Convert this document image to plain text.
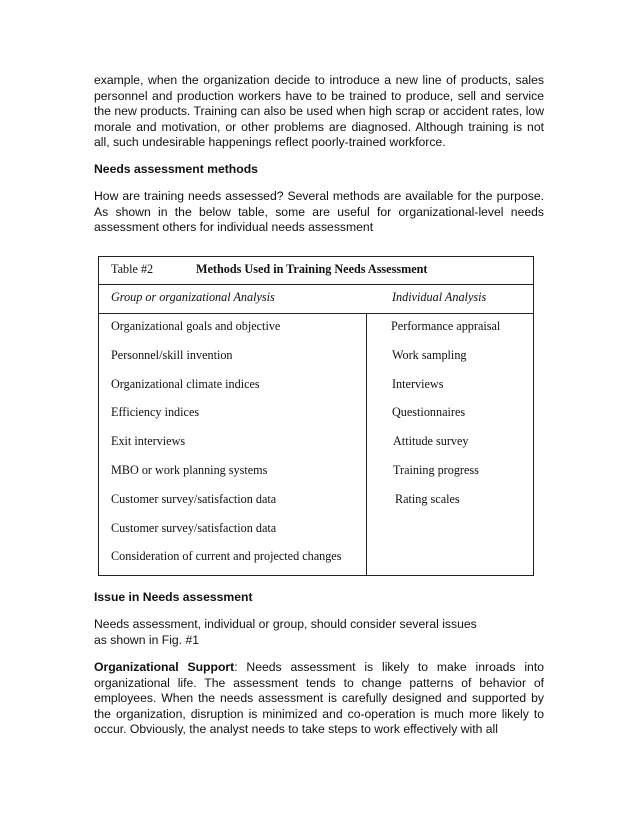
example, when the organization decide to introduce a new line of products, sales personnel and production workers have to be trained to produce, sell and service the new products. Training can also be used when high scrap or accident rates, low morale and motivation, or other problems are diagnosed. Although training is not all, such undesirable happenings reflect poorly-trained workforce.

Needs assessment methods

How are training needs assessed? Several methods are available for the purpose. As shown in the below table, some are useful for organizational-level needs assessment others for individual needs assessment

Table #2	Methods Used in Training Needs Assessment
Group or organizational Analysis	Individual Analysis
Organizational goals and objective
Personnel/skill invention
Organizational climate indices
Efficiency indices
Exit interviews
MBO or work planning systems
Customer survey/satisfaction data
Customer survey/satisfaction data
Consideration of current and projected changes
Performance appraisal
Work sampling
Interviews
Questionnaires
Attitude survey
Training progress
Rating scales

Issue in Needs assessment

Needs assessment, individual or group, should consider several issues
as shown in Fig. #1

Organizational Support: Needs assessment is likely to make inroads into organizational life. The assessment tends to change patterns of behavior of employees. When the needs assessment is carefully designed and supported by the organization, disruption is minimized and co-operation is much more likely to occur. Obviously, the analyst needs to take steps to work effectively with all
